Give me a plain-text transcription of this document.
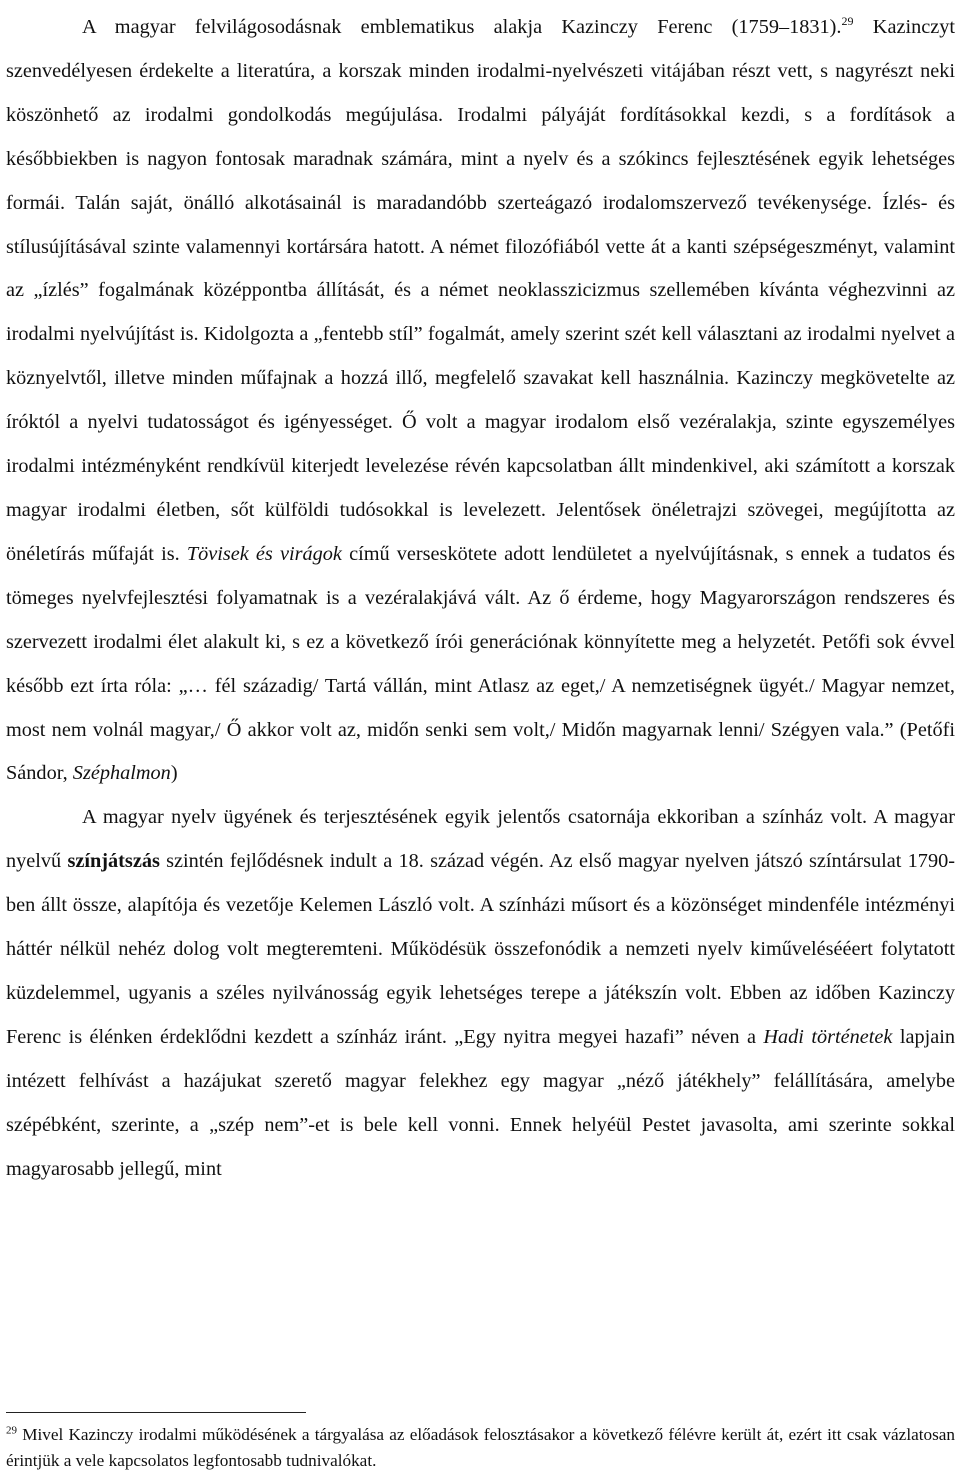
A magyar felvilágosodásnak emblematikus alakja Kazinczy Ferenc (1759–1831).$^{29}$ Kazinczyt szenvedélyesen érdekelte a literatúra, a korszak minden irodalmi-nyelvészeti vitájában részt vett, s nagyrészt neki köszönhető az irodalmi gondolkodás megújulása. Irodalmi pályáját fordításokkal kezdi, s a fordítások a későbbiekben is nagyon fontosak maradnak számára, mint a nyelv és a szókincs fejlesztésének egyik lehetséges formái. Talán saját, önálló alkotásainál is maradandóbb szerteágazó irodalomszervező tevékenysége. Ízlés- és stílusújításával szinte valamennyi kortársára hatott. A német filozófiából vette át a kanti szépségeszményt, valamint az „ízlés” fogalmának középpontba állítását, és a német neoklasszicizmus szellemében kívánta véghezvinni az irodalmi nyelvújítást is. Kidolgozta a „fentebb stíl” fogalmát, amely szerint szét kell választani az irodalmi nyelvet a köznyelvtől, illetve minden műfajnak a hozzá illő, megfelelő szavakat kell használnia. Kazinczy megkövetelte az íróktól a nyelvi tudatosságot és igényességet. Ő volt a magyar irodalom első vezéralakja, szinte egyszemélyes irodalmi intézményként rendkívül kiterjedt levelezése révén kapcsolatban állt mindenkivel, aki számított a korszak magyar irodalmi életben, sőt külföldi tudósokkal is levelezett. Jelentősek önéletrajzi szövegei, megújította az önéletírás műfaját is. Tövisek és virágok című verseskötete adott lendületet a nyelvújításnak, s ennek a tudatos és tömeges nyelvfejlesztési folyamatnak is a vezéralakjává vált. Az ő érdeme, hogy Magyarországon rendszeres és szervezett irodalmi élet alakult ki, s ez a következő írói generációnak könnyítette meg a helyzetét. Petőfi sok évvel később ezt írta róla: „… fél századig/ Tartá vállán, mint Atlasz az eget,/ A nemzetiségnek ügyét./ Magyar nemzet, most nem volnál magyar,/ Ő akkor volt az, midőn senki sem volt,/ Midőn magyarnak lenni/ Szégyen vala.” (Petőfi Sándor, Széphalmon)

A magyar nyelv ügyének és terjesztésének egyik jelentős csatornája ekkoriban a színház volt. A magyar nyelvű színjátszás szintén fejlődésnek indult a 18. század végén. Az első magyar nyelven játszó színtársulat 1790-ben állt össze, alapítója és vezetője Kelemen László volt. A színházi műsort és a közönséget mindenféle intézményi háttér nélkül nehéz dolog volt megteremteni. Működésük összefonódik a nemzeti nyelv kiművelésééert folytatott küzdelemmel, ugyanis a széles nyilvánosság egyik lehetséges terepe a játékszín volt. Ebben az időben Kazinczy Ferenc is élénken érdeklődni kezdett a színház iránt. „Egy nyitra megyei hazafi” néven a Hadi történetek lapjain intézett felhívást a hazájukat szerető magyar felekhez egy magyar „néző játékhely” felállítására, amelybe szépébként, szerinte, a „szép nem”-et is bele kell vonni. Ennek helyéül Pestet javasolta, ami szerinte sokkal magyarosabb jellegű, mint

$^{29}$ Mivel Kazinczy irodalmi működésének a tárgyalása az előadások felosztásakor a következő félévre került át, ezért itt csak vázlatosan érintjük a vele kapcsolatos legfontosabb tudnivalókat.
